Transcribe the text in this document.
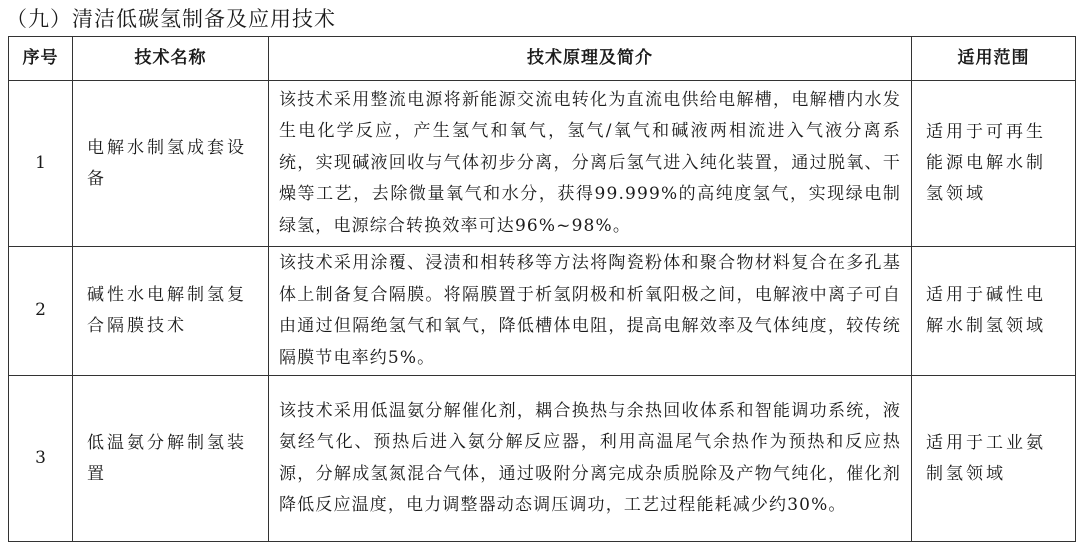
（九）清洁低碳氢制备及应用技术
序号	技术名称	技术原理及简介	适用范围
1	电解水制氢成套设备	该技术采用整流电源将新能源交流电转化为直流电供给电解槽，电解槽内水发生电化学反应，产生氢气和氧气，氢气/氧气和碱液两相流进入气液分离系统，实现碱液回收与气体初步分离，分离后氢气进入纯化装置，通过脱氧、干燥等工艺，去除微量氧气和水分，获得99.999%的高纯度氢气，实现绿电制绿氢，电源综合转换效率可达96%~98%。	适用于可再生能源电解水制氢领域
2	碱性水电解制氢复合隔膜技术	该技术采用涂覆、浸渍和相转移等方法将陶瓷粉体和聚合物材料复合在多孔基体上制备复合隔膜。将隔膜置于析氢阴极和析氧阳极之间，电解液中离子可自由通过但隔绝氢气和氧气，降低槽体电阻，提高电解效率及气体纯度，较传统隔膜节电率约5%。	适用于碱性电解水制氢领域
3	低温氨分解制氢装置	该技术采用低温氨分解催化剂，耦合换热与余热回收体系和智能调功系统，液氨经气化、预热后进入氨分解反应器，利用高温尾气余热作为预热和反应热源，分解成氢氮混合气体，通过吸附分离完成杂质脱除及产物气纯化，催化剂降低反应温度，电力调整器动态调压调功，工艺过程能耗减少约30%。	适用于工业氨制氢领域
